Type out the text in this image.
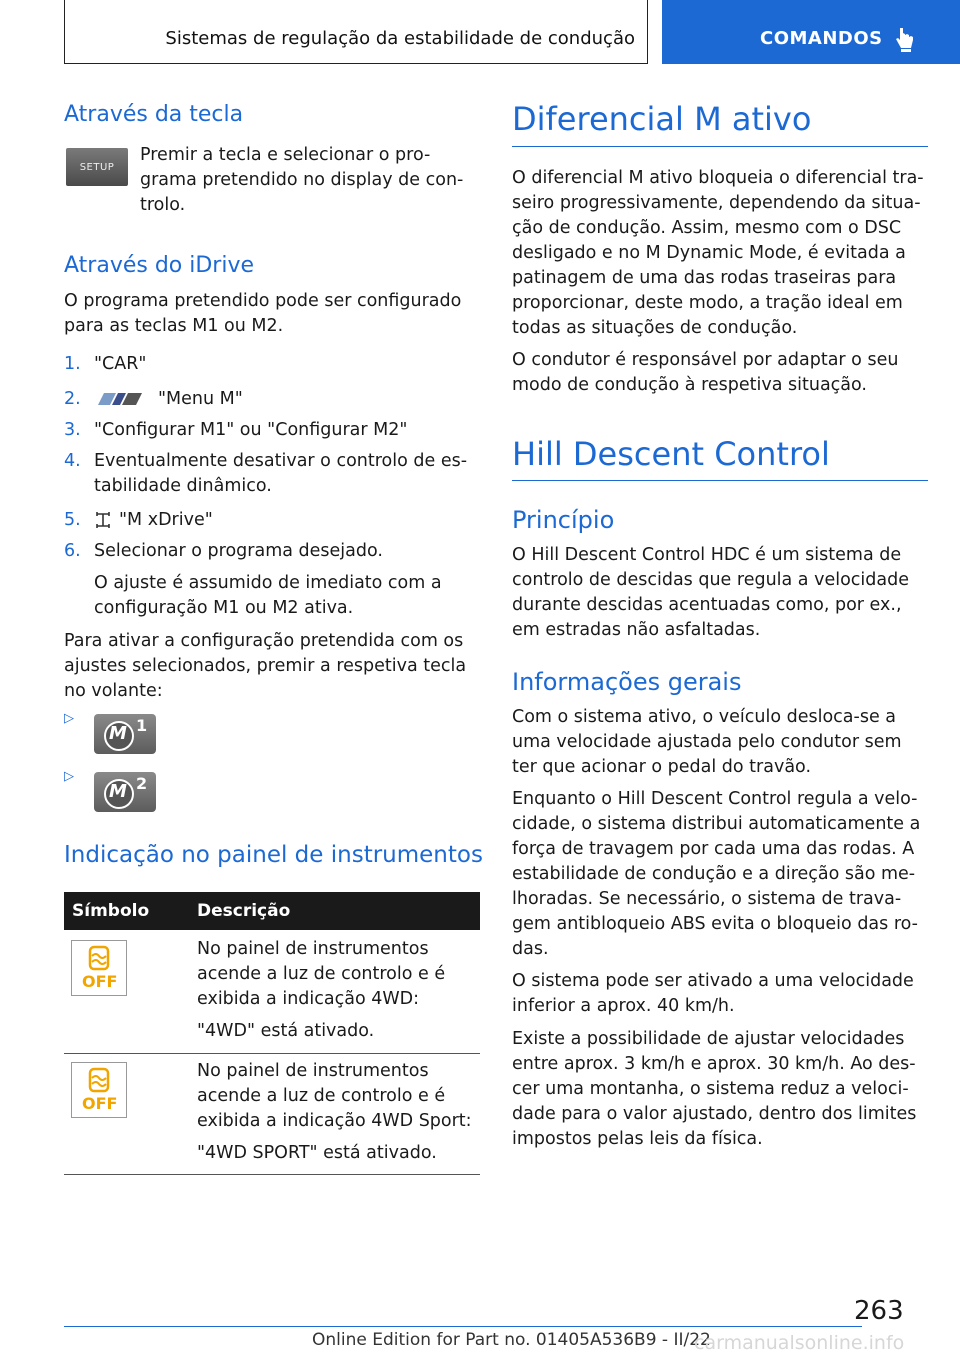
Sistemas de regulação da estabilidade de condução	COMANDOS
Através da tecla
SETUP
Premir a tecla e selecionar o pro-
grama pretendido no display de con-
trolo.
Através do iDrive
O programa pretendido pode ser configurado
para as teclas M1 ou M2.
1. "CAR"
2.	"Menu M"
3. "Configurar M1" ou "Configurar M2"
4. Eventualmente desativar o controlo de es-
tabilidade dinâmico.
5. "M xDrive"
6. Selecionar o programa desejado.
O ajuste é assumido de imediato com a
configuração M1 ou M2 ativa.
Para ativar a configuração pretendida com os
ajustes selecionados, premir a respetiva tecla
no volante:
▷
M 1
▷
M 2
Indicação no painel de instrumentos
Símbolo	Descrição
OFF
No painel de instrumentos
acende a luz de controlo e é
exibida a indicação 4WD:
"4WD" está ativado.
OFF
No painel de instrumentos
acende a luz de controlo e é
exibida a indicação 4WD Sport:
"4WD SPORT" está ativado.
Diferencial M ativo
O diferencial M ativo bloqueia o diferencial tra-
seiro progressivamente, dependendo da situa-
ção de condução. Assim, mesmo com o DSC
desligado e no M Dynamic Mode, é evitada a
patinagem de uma das rodas traseiras para
proporcionar, deste modo, a tração ideal em
todas as situações de condução.
O condutor é responsável por adaptar o seu
modo de condução à respetiva situação.
Hill Descent Control
Princípio
O Hill Descent Control HDC é um sistema de
controlo de descidas que regula a velocidade
durante descidas acentuadas como, por ex.,
em estradas não asfaltadas.
Informações gerais
Com o sistema ativo, o veículo desloca-se a
uma velocidade ajustada pelo condutor sem
ter que acionar o pedal do travão.
Enquanto o Hill Descent Control regula a velo-
cidade, o sistema distribui automaticamente a
força de travagem por cada uma das rodas. A
estabilidade de condução e a direção são me-
lhoradas. Se necessário, o sistema de trava-
gem antibloqueio ABS evita o bloqueio das ro-
das.
O sistema pode ser ativado a uma velocidade
inferior a aprox. 40 km/h.
Existe a possibilidade de ajustar velocidades
entre aprox. 3 km/h e aprox. 30 km/h. Ao des-
cer uma montanha, o sistema reduz a veloci-
dade para o valor ajustado, dentro dos limites
impostos pelas leis da física.
263
Online Edition for Part no. 01405A536B9 - II/22
carmanualsonline.info
